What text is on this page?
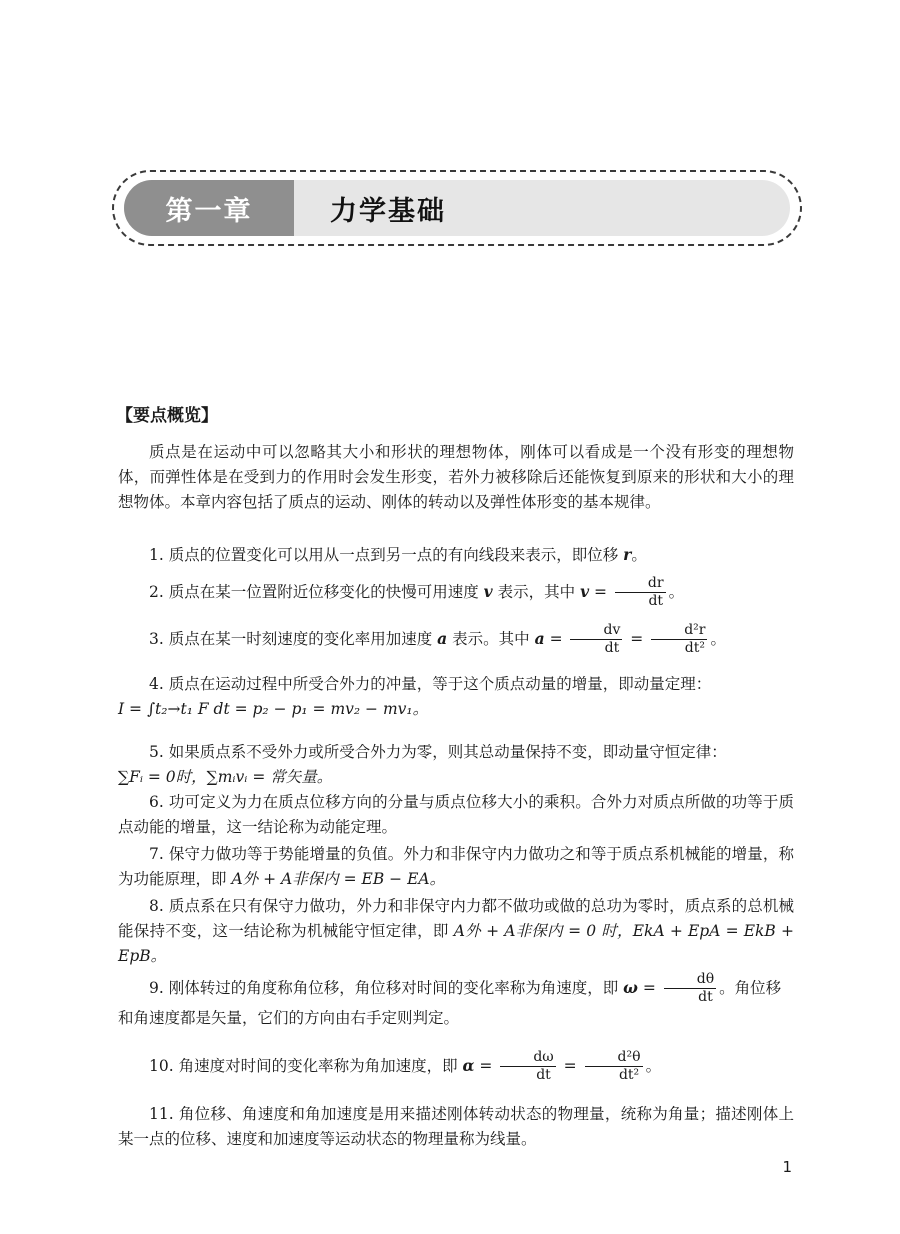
第一章	力学基础
【要点概览】
质点是在运动中可以忽略其大小和形状的理想物体，刚体可以看成是一个没有形变的理想物体，而弹性体是在受到力的作用时会发生形变，若外力被移除后还能恢复到原来的形状和大小的理想物体。本章内容包括了质点的运动、刚体的转动以及弹性体形变的基本规律。
1. 质点的位置变化可以用从一点到另一点的有向线段来表示，即位移 r。
2. 质点在某一位置附近位移变化的快慢可用速度 v 表示，其中 $v = \frac{dr}{dt}$ 。
3. 质点在某一时刻速度的变化率用加速度 a 表示。其中 $a = \frac{dv}{dt} = \frac{\text{d²r}}{\text{dt²}}$ 。
4. 质点在运动过程中所受合外力的冲量，等于这个质点动量的增量，即动量定理：
I = ∫t₂→t₁ F dt = p₂ − p₁ = mv₂ − mv₁。
5. 如果质点系不受外力或所受合外力为零，则其总动量保持不变，即动量守恒定律：
∑Fᵢ = 0时，∑mᵢvᵢ = 常矢量。
6. 功可定义为力在质点位移方向的分量与质点位移大小的乘积。合外力对质点所做的功等于质点动能的增量，这一结论称为动能定理。
7. 保守力做功等于势能增量的负值。外力和非保守内力做功之和等于质点系机械能的增量，称为功能原理，即 A外 + A非保内 = EB − EA。
8. 质点系在只有保守力做功，外力和非保守内力都不做功或做的总功为零时，质点系的总机械能保持不变，这一结论称为机械能守恒定律，即 A外 + A非保内 = 0 时，EkA + EpA = EkB + EpB。
9. 刚体转过的角度称角位移，角位移对时间的变化率称为角速度，即 $\omega = \frac{d\theta}{dt}$ 。角位移和角速度都是矢量，它们的方向由右手定则判定。
10. 角速度对时间的变化率称为角加速度，即 $\alpha = \frac{d\omega}{dt} = \frac{\text{d²θ}}{\text{dt²}}$ 。
11. 角位移、角速度和角加速度是用来描述刚体转动状态的物理量，统称为角量；描述刚体上某一点的位移、速度和加速度等运动状态的物理量称为线量。
1
